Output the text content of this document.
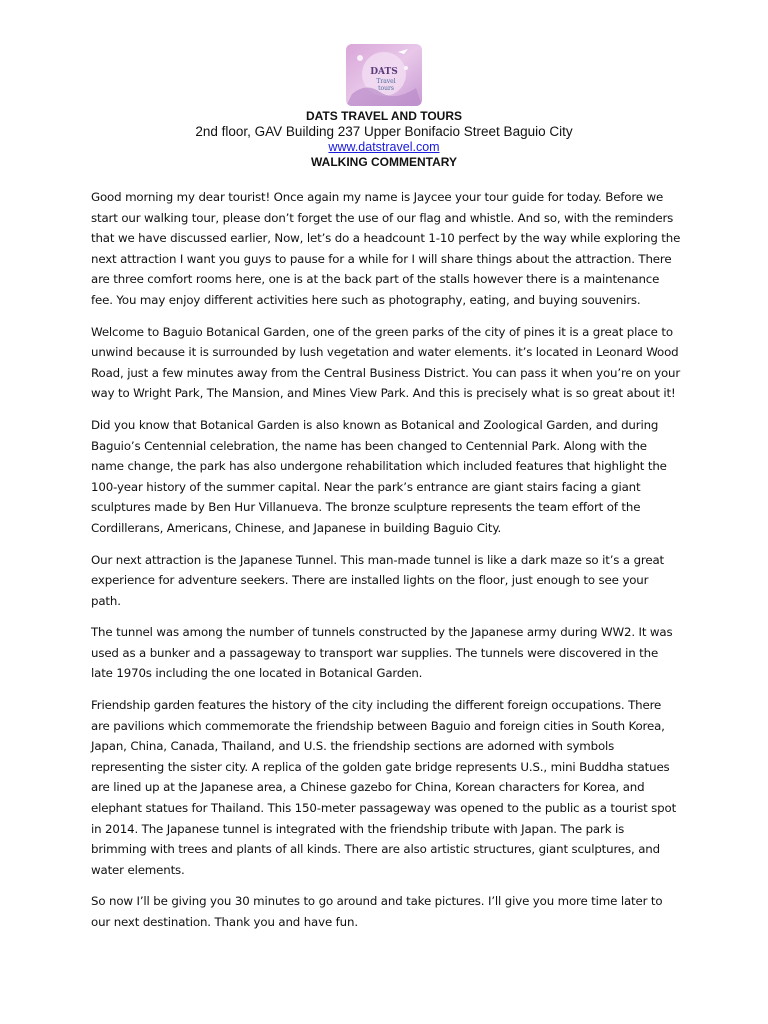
DATS
Travel
tours
DATS TRAVEL AND TOURS
2nd floor, GAV Building 237 Upper Bonifacio Street Baguio City
www.datstravel.com
WALKING COMMENTARY

Good morning my dear tourist! Once again my name is Jaycee your tour guide for today. Before we start our walking tour, please don’t forget the use of our flag and whistle. And so, with the reminders that we have discussed earlier, Now, let’s do a headcount 1-10 perfect by the way while exploring the next attraction I want you guys to pause for a while for I will share things about the attraction. There are three comfort rooms here, one is at the back part of the stalls however there is a maintenance fee. You may enjoy different activities here such as photography, eating, and buying souvenirs.

Welcome to Baguio Botanical Garden, one of the green parks of the city of pines it is a great place to unwind because it is surrounded by lush vegetation and water elements. it’s located in Leonard Wood Road, just a few minutes away from the Central Business District. You can pass it when you’re on your way to Wright Park, The Mansion, and Mines View Park. And this is precisely what is so great about it!

Did you know that Botanical Garden is also known as Botanical and Zoological Garden, and during Baguio’s Centennial celebration, the name has been changed to Centennial Park. Along with the name change, the park has also undergone rehabilitation which included features that highlight the 100-year history of the summer capital. Near the park’s entrance are giant stairs facing a giant sculptures made by Ben Hur Villanueva. The bronze sculpture represents the team effort of the Cordillerans, Americans, Chinese, and Japanese in building Baguio City.

Our next attraction is the Japanese Tunnel. This man-made tunnel is like a dark maze so it’s a great experience for adventure seekers. There are installed lights on the floor, just enough to see your path.

The tunnel was among the number of tunnels constructed by the Japanese army during WW2. It was used as a bunker and a passageway to transport war supplies. The tunnels were discovered in the late 1970s including the one located in Botanical Garden.

Friendship garden features the history of the city including the different foreign occupations. There are pavilions which commemorate the friendship between Baguio and foreign cities in South Korea, Japan, China, Canada, Thailand, and U.S. the friendship sections are adorned with symbols representing the sister city. A replica of the golden gate bridge represents U.S., mini Buddha statues are lined up at the Japanese area, a Chinese gazebo for China, Korean characters for Korea, and elephant statues for Thailand. This 150-meter passageway was opened to the public as a tourist spot in 2014. The Japanese tunnel is integrated with the friendship tribute with Japan. The park is brimming with trees and plants of all kinds. There are also artistic structures, giant sculptures, and water elements.

So now I’ll be giving you 30 minutes to go around and take pictures. I’ll give you more time later to our next destination. Thank you and have fun.
